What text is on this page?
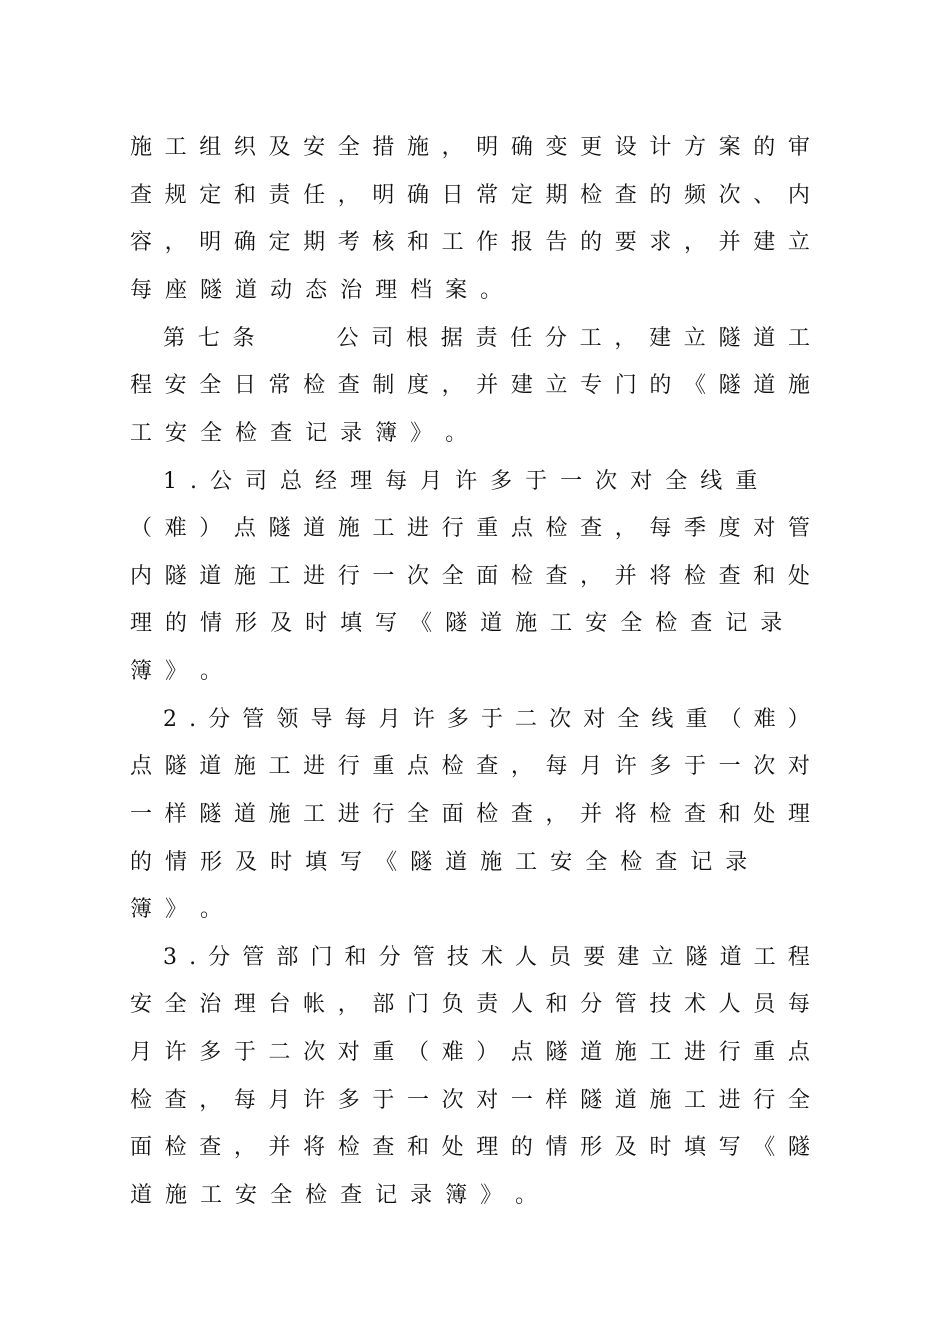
施 工 组 织 及 安 全 措 施 ， 明 确 变 更 设 计 方 案 的 审
查 规 定 和 责 任 ， 明 确 日 常 定 期 检 查 的 频 次 、 内
容 ， 明 确 定 期 考 核 和 工 作 报 告 的 要 求 ， 并 建 立
每 座 隧 道 动 态 治 理 档 案 。
第 七 条

　	公 司 根 据 责 任 分 工 ， 建 立 隧 道 工
程 安 全 日 常 检 查 制 度 ， 并 建 立 专 门 的 《 隧 道 施
工 安 全 检 查 记 录 簿 》 。
1 . 公 司 总 经 理 每 月 许 多 于 一 次 对 全 线 重
（ 难 ） 点 隧 道 施 工 进 行 重 点 检 查 ， 每 季 度 对 管
内 隧 道 施 工 进 行 一 次 全 面 检 查 ， 并 将 检 查 和 处
理 的 情 形 及 时 填 写 《 隧 道 施 工 安 全 检 查 记 录
簿 》 。
2 . 分 管 领 导 每 月 许 多 于 二 次 对 全 线 重 （ 难 ）
点 隧 道 施 工 进 行 重 点 检 查 ， 每 月 许 多 于 一 次 对
一 样 隧 道 施 工 进 行 全 面 检 查 ， 并 将 检 查 和 处 理
的 情 形 及 时 填 写 《 隧 道 施 工 安 全 检 查 记 录
簿 》 。
3 . 分 管 部 门 和 分 管 技 术 人 员 要 建 立 隧 道 工 程
安 全 治 理 台 帐 ， 部 门 负 责 人 和 分 管 技 术 人 员 每
月 许 多 于 二 次 对 重 （ 难 ） 点 隧 道 施 工 进 行 重 点
检 查 ， 每 月 许 多 于 一 次 对 一 样 隧 道 施 工 进 行 全
面 检 查 ， 并 将 检 查 和 处 理 的 情 形 及 时 填 写 《 隧
道 施 工 安 全 检 查 记 录 簿 》 。
